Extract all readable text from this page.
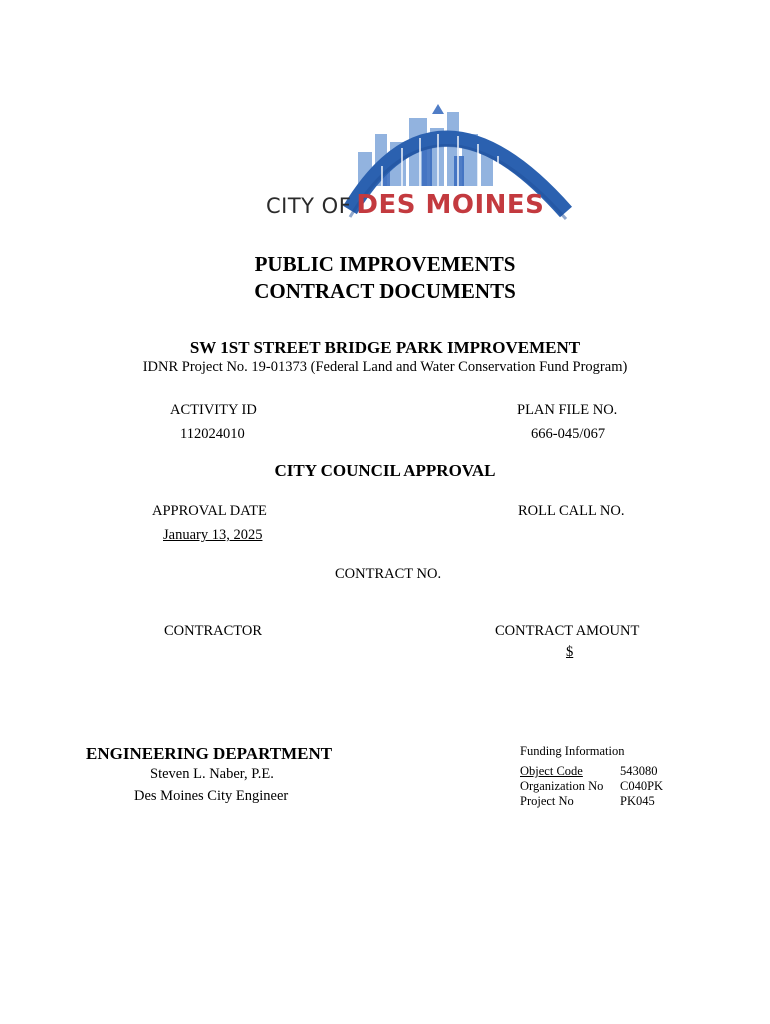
CITY OF DES MOINES
PUBLIC IMPROVEMENTS
CONTRACT DOCUMENTS
SW 1ST STREET BRIDGE PARK IMPROVEMENT
IDNR Project No. 19-01373 (Federal Land and Water Conservation Fund Program)
ACTIVITY ID
112024010
PLAN FILE NO.
666-045/067
CITY COUNCIL APPROVAL
APPROVAL DATE
January 13, 2025
ROLL CALL NO.
CONTRACT NO.
CONTRACTOR	CONTRACT AMOUNT
$
ENGINEERING DEPARTMENT
Steven L. Naber, P.E.
Des Moines City Engineer
Funding Information
Object Code	543080
Organization No	C040PK
Project No	PK045
